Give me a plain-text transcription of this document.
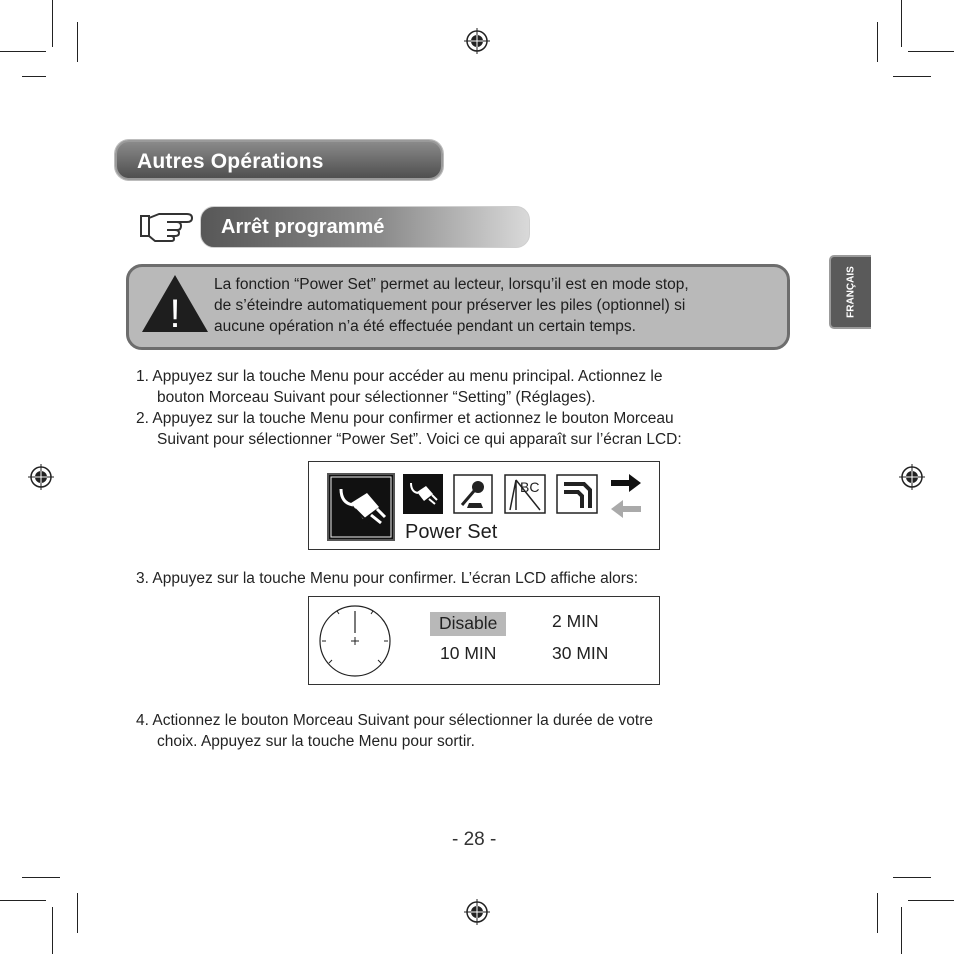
Autres Opérations
Arrêt programmé
FRANÇAIS
!
La fonction “Power Set” permet au lecteur, lorsqu’il est en mode stop,
de s’éteindre automatiquement pour préserver les piles (optionnel) si
aucune opération n’a été effectuée pendant un certain temps.
1. Appuyez sur la touche Menu pour accéder au menu principal. Actionnez le
bouton Morceau Suivant pour sélectionner “Setting” (Réglages).
2. Appuyez sur la touche Menu pour confirmer et actionnez le bouton Morceau
Suivant pour sélectionner “Power Set”. Voici ce qui apparaît sur l’écran LCD:
BC
Power Set
3. Appuyez sur la touche Menu pour confirmer. L’écran LCD affiche alors:
Disable	2 MIN
10 MIN	30 MIN
4. Actionnez le bouton Morceau Suivant pour sélectionner la durée de votre
choix. Appuyez sur la touche Menu pour sortir.
- 28 -
